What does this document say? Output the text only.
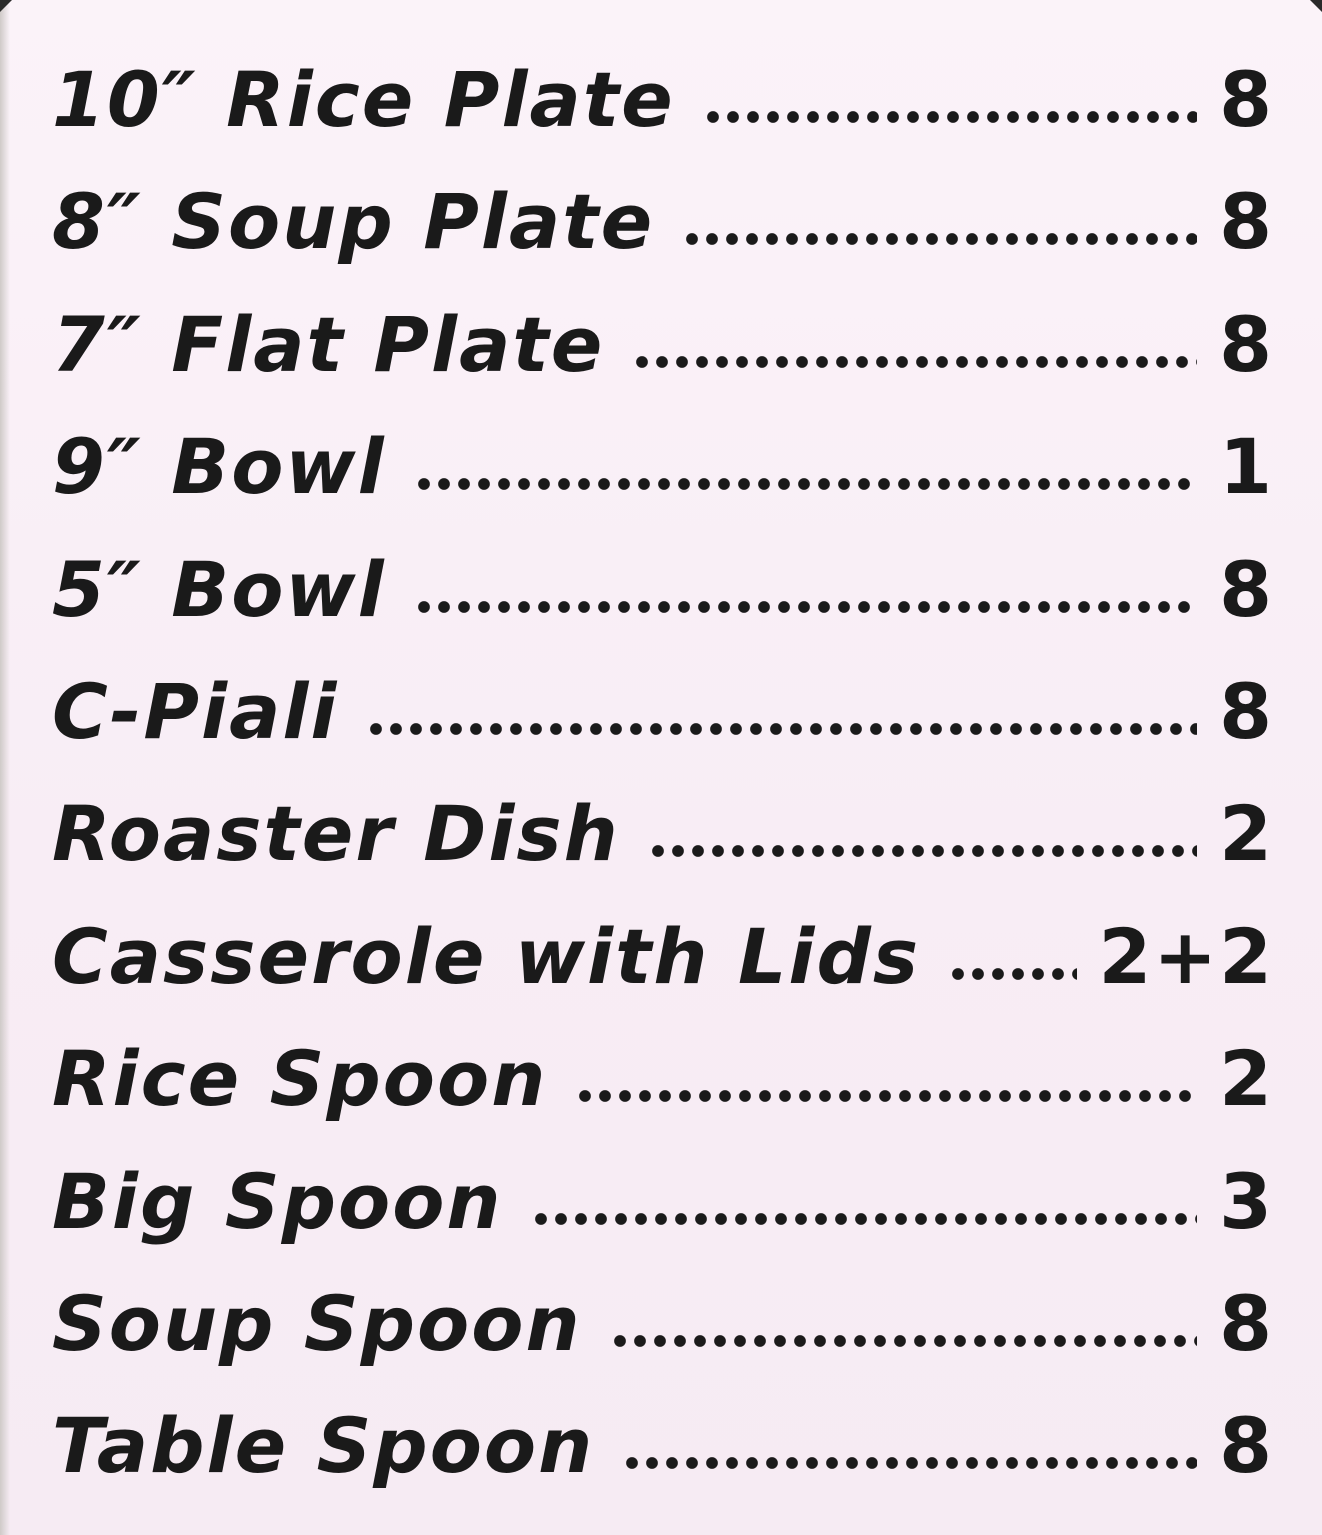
10″ Rice Plate	8
8″ Soup Plate	8
7″ Flat Plate	8
9″ Bowl	1
5″ Bowl	8
C-Piali	8
Roaster Dish	2
Casserole with Lids 2+2
Rice Spoon	2
Big Spoon	3
Soup Spoon	8
Table Spoon	8
